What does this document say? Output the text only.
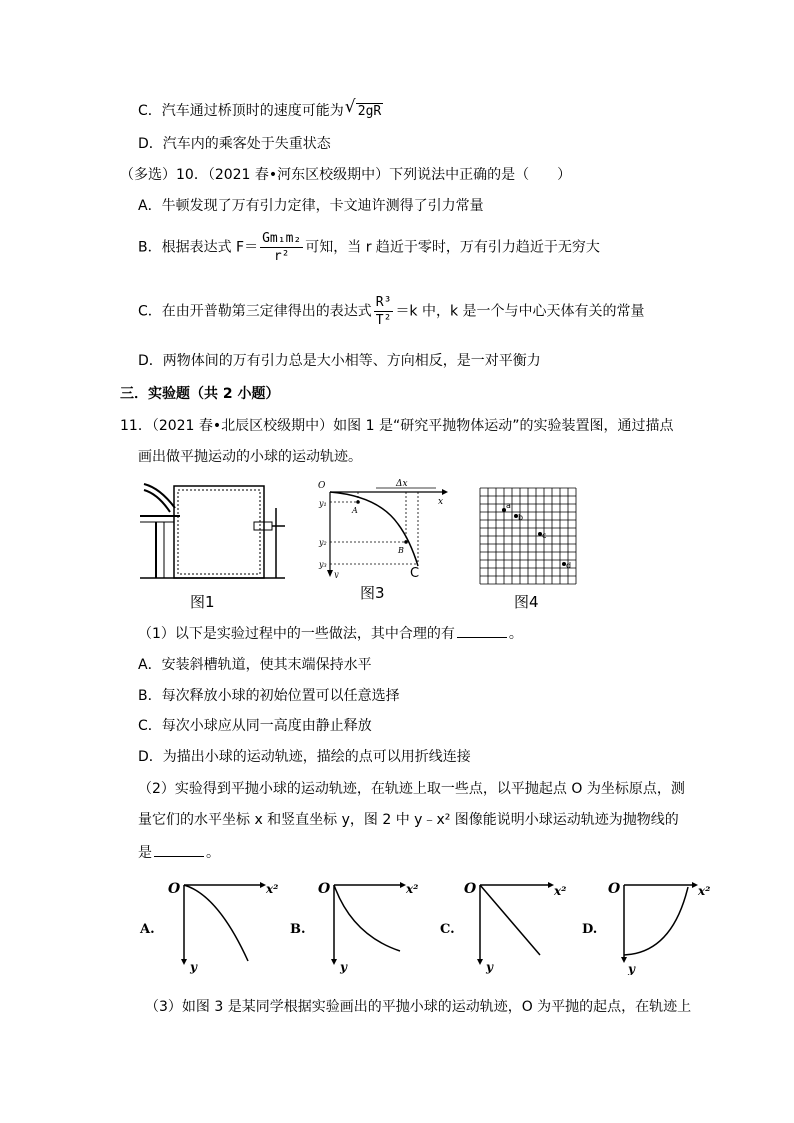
C．汽车通过桥顶时的速度可能为 √ 2gR
D．汽车内的乘客处于失重状态
（多选）10．（2021 春•河东区校级期中）下列说法中正确的是（　　）
A．牛顿发现了万有引力定律，卡文迪许测得了引力常量
B．根据表达式 $F= \frac{\text{Gm₁m₂}}{\text{r²}}$ 可知，当 r 趋近于零时，万有引力趋近于无穷大
C．在由开普勒第三定律得出的表达式 $\frac{\text{R³}}{\text{T²}} =k$ 中，k 是一个与中心天体有关的常量
D．两物体间的万有引力总是大小相等、方向相反，是一对平衡力
三．实验题（共 2 小题）
11．（2021 春•北辰区校级期中）如图 1 是“研究平抛物体运动”的实验装置图，通过描点
画出做平抛运动的小球的运动轨迹。
图1
O	Δx
x
y₁
y₂
y₃
y
A
B
C
图3
a
b
c
d
图4
（1）以下是实验过程中的一些做法，其中合理的有	。
A．安装斜槽轨道，使其末端保持水平
B．每次释放小球的初始位置可以任意选择
C．每次小球应从同一高度由静止释放
D．为描出小球的运动轨迹，描绘的点可以用折线连接
（2）实验得到平抛小球的运动轨迹，在轨迹上取一些点，以平抛起点 O 为坐标原点，测
量它们的水平坐标 x 和竖直坐标 y，图 2 中 y﹣x² 图像能说明小球运动轨迹为抛物线的
是	。
A.
O	x²
y
B.
O	x²
y
C.
O	x²
y
D.
O	x²
y
（3）如图 3 是某同学根据实验画出的平抛小球的运动轨迹，O 为平抛的起点，在轨迹上
